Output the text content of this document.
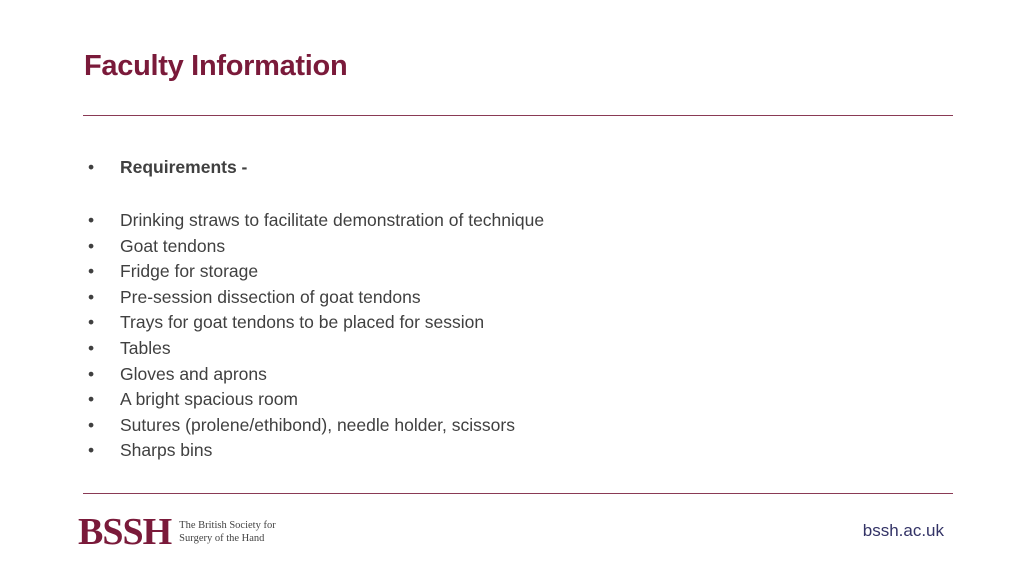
Faculty Information
•	Requirements -
•	Drinking straws to facilitate demonstration of technique
•	Goat tendons
•	Fridge for storage
•	Pre-session dissection of goat tendons
•	Trays for goat tendons to be placed for session
•	Tables
•	Gloves and aprons
•	A bright spacious room
•	Sutures (prolene/ethibond), needle holder, scissors
•	Sharps bins
BSSH The British Society for
Surgery of the Hand	bssh.ac.uk
